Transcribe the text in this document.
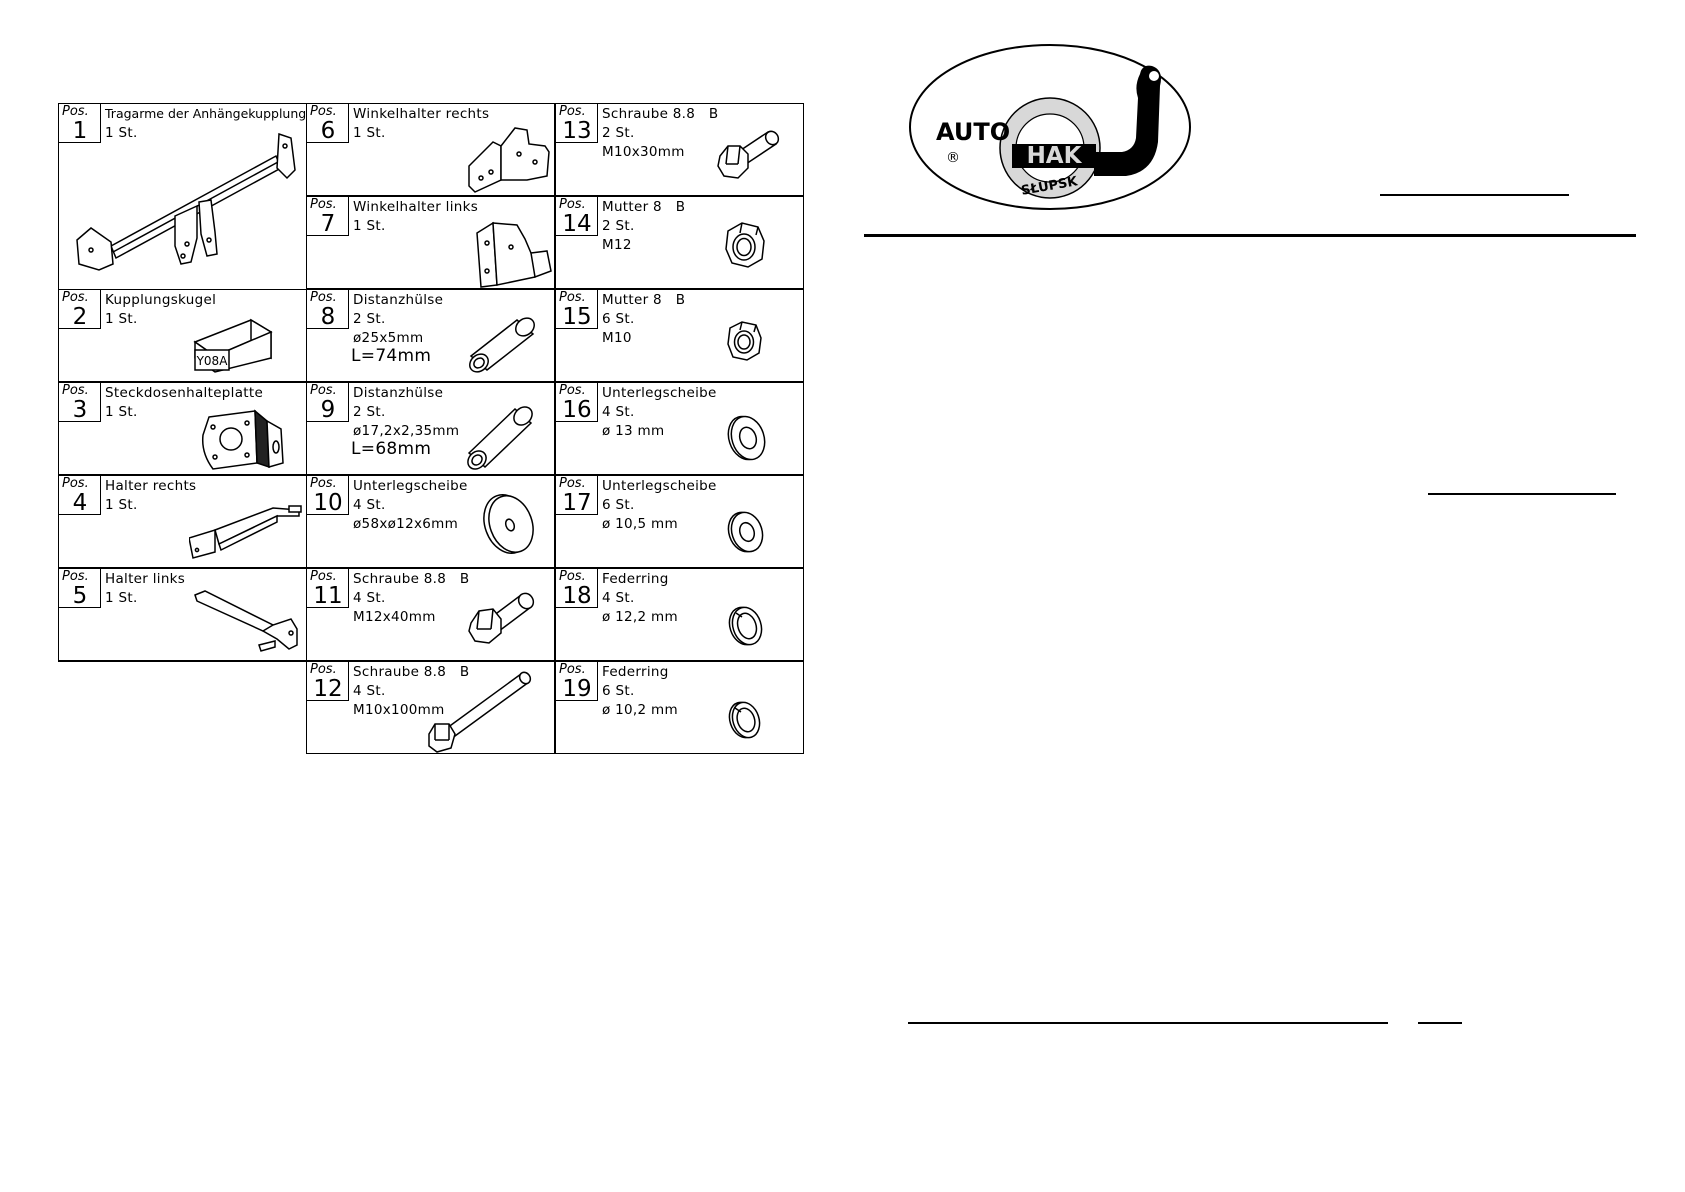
Pos.
1
Tragarme der Anhängekupplung
1 St.
Pos.
2
Kupplungskugel
1 St.
Y08A
Pos.
3
Steckdosenhalteplatte
1 St.
Pos.
4
Halter rechts
1 St.
Pos.
5
Halter links
1 St.
Pos.
6
Winkelhalter rechts
1 St.
Pos.
7
Winkelhalter links
1 St.
Pos.
8
Distanzhülse
2 St.
ø25x5mm
L=74mm
Pos.
9
Distanzhülse
2 St.
ø17,2x2,35mm
L=68mm
Pos.
10
Unterlegscheibe
4 St.
ø58xø12x6mm
Pos.
11
Schraube 8.8   B
4 St.
M12x40mm
Pos.
12
Schraube 8.8   B
4 St.
M10x100mm
Pos.
13
Schraube 8.8   B
2 St.
M10x30mm
Pos.
14
Mutter 8   B
2 St.
M12
Pos.
15
Mutter 8   B
6 St.
M10
Pos.
16
Unterlegscheibe
4 St.
ø 13 mm
Pos.
17
Unterlegscheibe
6 St.
ø 10,5 mm
Pos.
18
Federring
4 St.
ø 12,2 mm
Pos.
19
Federring
6 St.
ø 10,2 mm
AUTO
HAK
®
SŁUPSK
